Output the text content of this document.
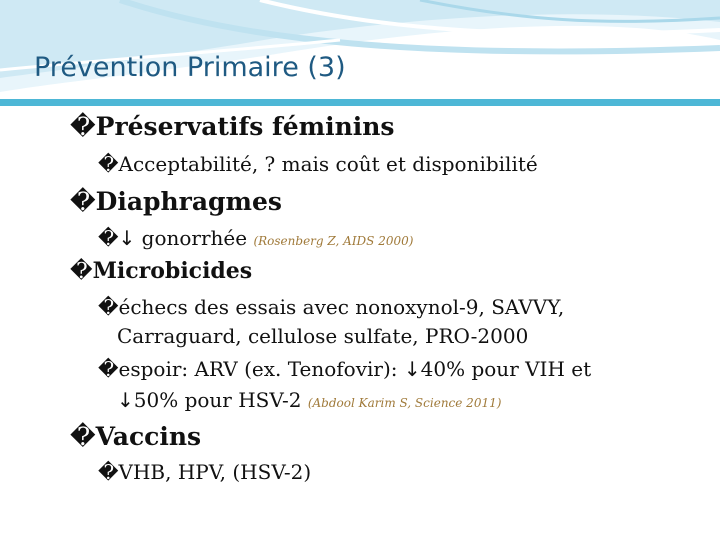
Prévention Primaire (3)
�Préservatifs féminins
�Acceptabilité, ? mais coût et disponibilité
�Diaphragmes
�↓ gonorrhée (Rosenberg Z, AIDS 2000)
�Microbicides
�échecs des essais avec nonoxynol-9, SAVVY,
Carraguard, cellulose sulfate, PRO-2000
�espoir: ARV (ex. Tenofovir): ↓40% pour VIH et
↓50% pour HSV-2 (Abdool Karim S, Science 2011)
�Vaccins
�VHB, HPV, (HSV-2)
